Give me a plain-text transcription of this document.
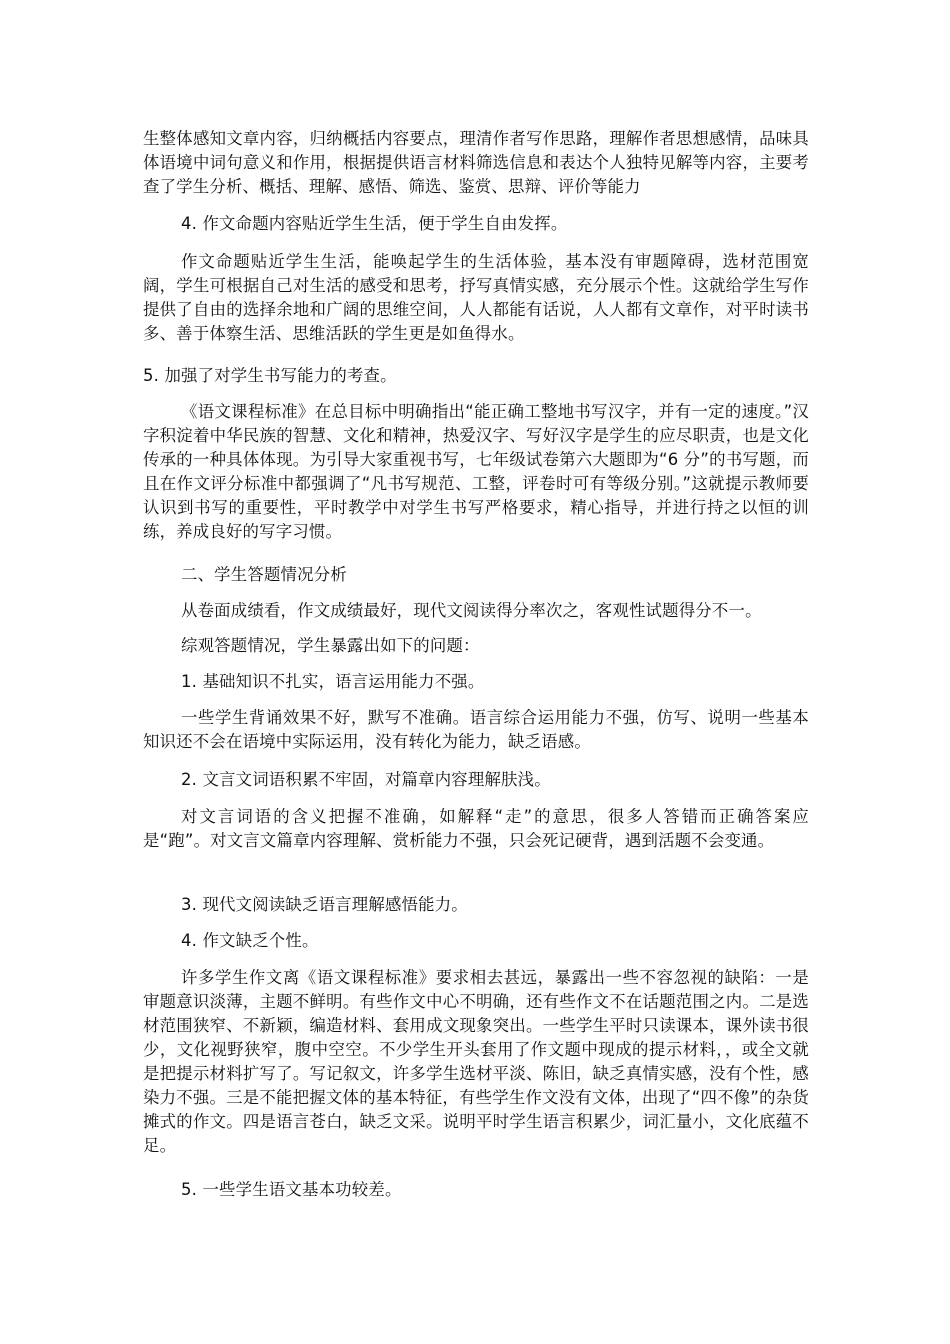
生整体感知文章内容，归纳概括内容要点，理清作者写作思路，理解作者思想感情，品味具体语境中词句意义和作用，根据提供语言材料筛选信息和表达个人独特见解等内容，主要考查了学生分析、概括、理解、感悟、筛选、鉴赏、思辩、评价等能力

4. 作文命题内容贴近学生生活，便于学生自由发挥。

作文命题贴近学生生活，能唤起学生的生活体验，基本没有审题障碍，选材范围宽阔，学生可根据自己对生活的感受和思考，抒写真情实感，充分展示个性。这就给学生写作提供了自由的选择余地和广阔的思维空间，人人都能有话说，人人都有文章作，对平时读书多、善于体察生活、思维活跃的学生更是如鱼得水。

5. 加强了对学生书写能力的考查。

《语文课程标准》在总目标中明确指出“能正确工整地书写汉字，并有一定的速度。”汉字积淀着中华民族的智慧、文化和精神，热爱汉字、写好汉字是学生的应尽职责，也是文化传承的一种具体体现。为引导大家重视书写，七年级试卷第六大题即为“6 分”的书写题，而且在作文评分标准中都强调了“凡书写规范、工整，评卷时可有等级分别。”这就提示教师要认识到书写的重要性，平时教学中对学生书写严格要求，精心指导，并进行持之以恒的训练，养成良好的写字习惯。

二、学生答题情况分析

从卷面成绩看，作文成绩最好，现代文阅读得分率次之，客观性试题得分不一。

综观答题情况，学生暴露出如下的问题：

1. 基础知识不扎实，语言运用能力不强。

一些学生背诵效果不好，默写不准确。语言综合运用能力不强，仿写、说明一些基本知识还不会在语境中实际运用，没有转化为能力，缺乏语感。

2. 文言文词语积累不牢固，对篇章内容理解肤浅。

对文言词语的含义把握不准确，如解释“走”的意思，很多人答错而正确答案应是“跑”。对文言文篇章内容理解、赏析能力不强，只会死记硬背，遇到活题不会变通。

3. 现代文阅读缺乏语言理解感悟能力。

4. 作文缺乏个性。

许多学生作文离《语文课程标准》要求相去甚远，暴露出一些不容忽视的缺陷：一是审题意识淡薄，主题不鲜明。有些作文中心不明确，还有些作文不在话题范围之内。二是选材范围狭窄、不新颖，编造材料、套用成文现象突出。一些学生平时只读课本，课外读书很少，文化视野狭窄，腹中空空。不少学生开头套用了作文题中现成的提示材料，，或全文就是把提示材料扩写了。写记叙文，许多学生选材平淡、陈旧，缺乏真情实感，没有个性，感染力不强。三是不能把握文体的基本特征，有些学生作文没有文体，出现了“四不像”的杂货摊式的作文。四是语言苍白，缺乏文采。说明平时学生语言积累少，词汇量小，文化底蕴不足。

5. 一些学生语文基本功较差。
